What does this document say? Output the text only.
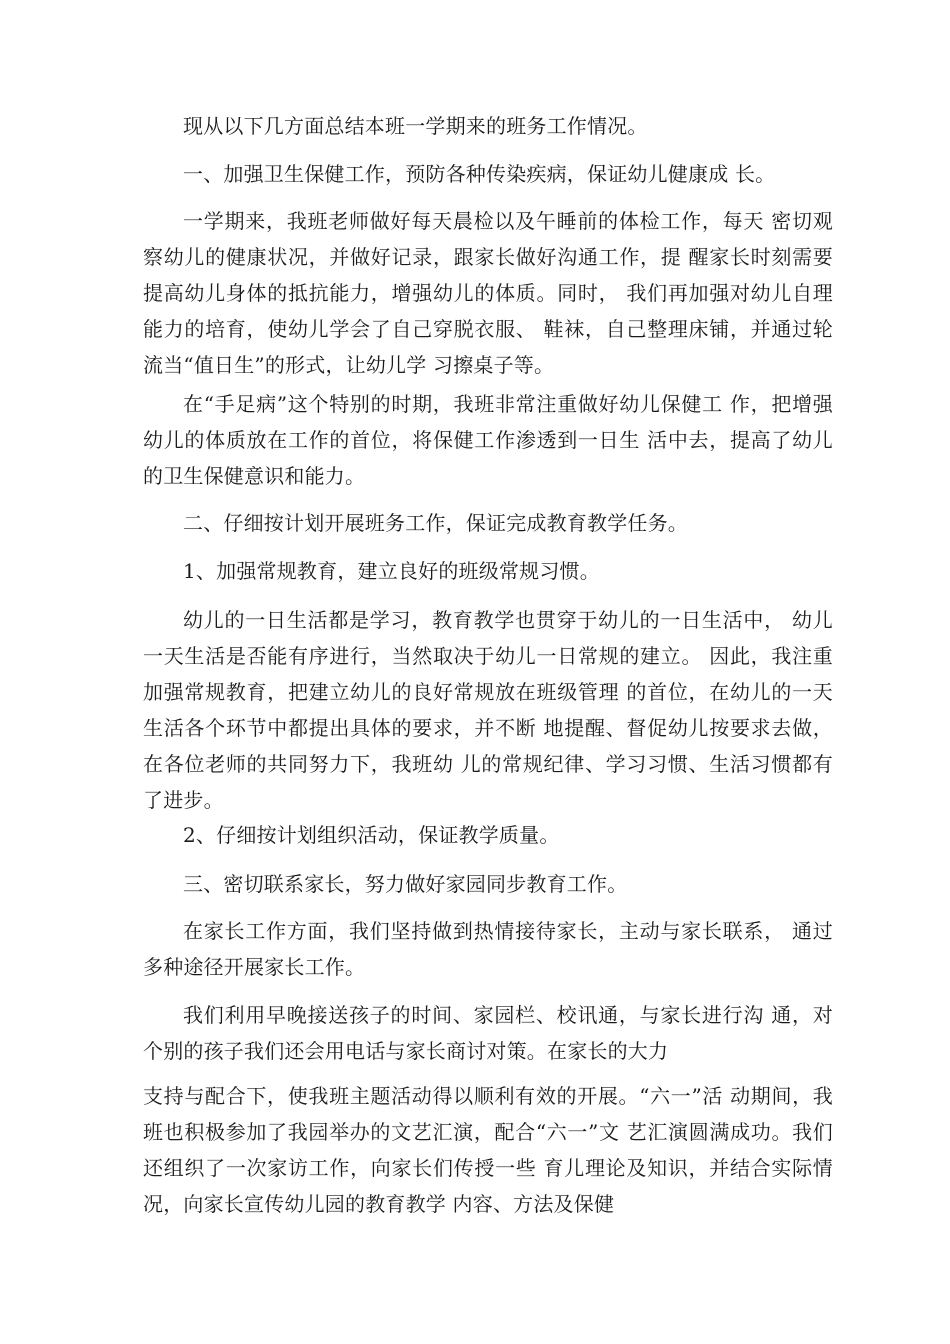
现从以下几方面总结本班一学期来的班务工作情况。

一、加强卫生保健工作，预防各种传染疾病，保证幼儿健康成 长。

一学期来，我班老师做好每天晨检以及午睡前的体检工作，每天 密切观察幼儿的健康状况，并做好记录，跟家长做好沟通工作，提 醒家长时刻需要提高幼儿身体的抵抗能力，增强幼儿的体质。同时， 我们再加强对幼儿自理能力的培育，使幼儿学会了自己穿脱衣服、 鞋袜，自己整理床铺，并通过轮流当“值日生”的形式，让幼儿学 习擦桌子等。

在“手足病”这个特别的时期，我班非常注重做好幼儿保健工 作，把增强幼儿的体质放在工作的首位，将保健工作渗透到一日生 活中去，提高了幼儿的卫生保健意识和能力。

二、仔细按计划开展班务工作，保证完成教育教学任务。

1、加强常规教育，建立良好的班级常规习惯。

幼儿的一日生活都是学习，教育教学也贯穿于幼儿的一日生活中， 幼儿一天生活是否能有序进行，当然取决于幼儿一日常规的建立。 因此，我注重加强常规教育，把建立幼儿的良好常规放在班级管理 的首位，在幼儿的一天生活各个环节中都提出具体的要求，并不断 地提醒、督促幼儿按要求去做，在各位老师的共同努力下，我班幼 儿的常规纪律、学习习惯、生活习惯都有了进步。

2、仔细按计划组织活动，保证教学质量。

三、密切联系家长，努力做好家园同步教育工作。

在家长工作方面，我们坚持做到热情接待家长，主动与家长联系， 通过多种途径开展家长工作。

我们利用早晚接送孩子的时间、家园栏、校讯通，与家长进行沟 通，对个别的孩子我们还会用电话与家长商讨对策。在家长的大力

支持与配合下，使我班主题活动得以顺利有效的开展。“六一”活 动期间，我班也积极参加了我园举办的文艺汇演，配合“六一”文 艺汇演圆满成功。我们还组织了一次家访工作，向家长们传授一些 育儿理论及知识，并结合实际情况，向家长宣传幼儿园的教育教学 内容、方法及保健
